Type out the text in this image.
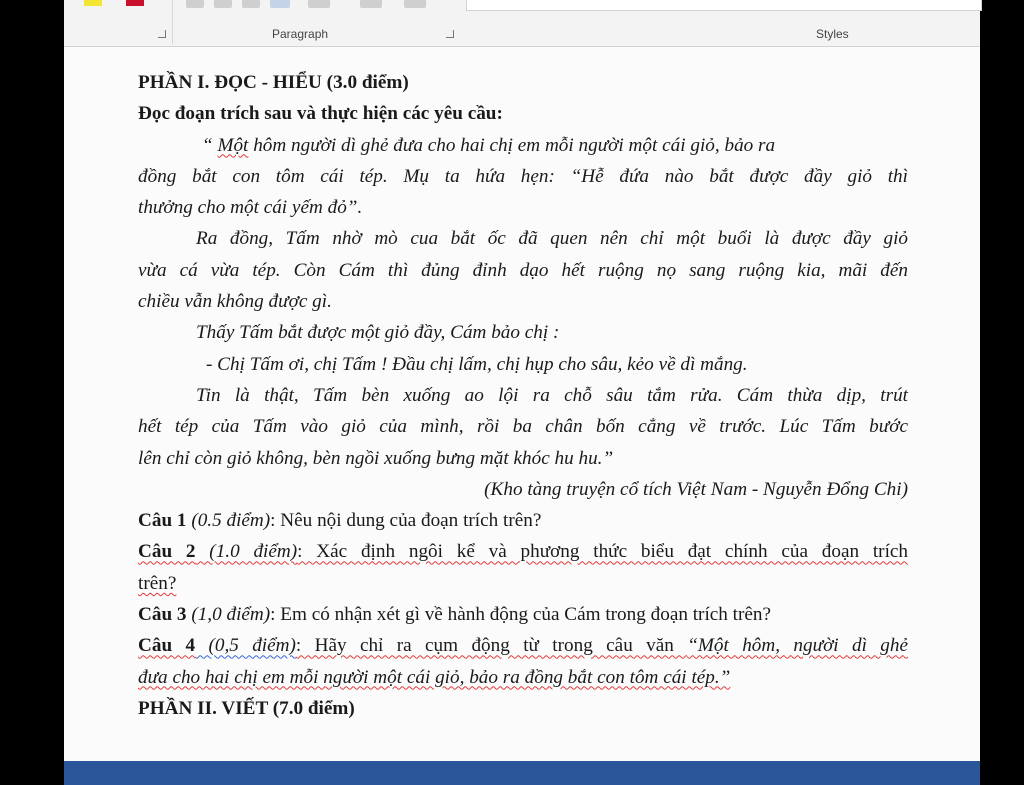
Paragraph	Styles
PHẦN I. ĐỌC - HIỂU (3.0 điểm)
Đọc đoạn trích sau và thực hiện các yêu cầu:
“ Một hôm người dì ghẻ đưa cho hai chị em mỗi người một cái giỏ, bảo ra
đồng bắt con tôm cái tép. Mụ ta hứa hẹn: “Hễ đứa nào bắt được đầy giỏ thì
thưởng cho một cái yếm đỏ”.
Ra đồng, Tấm nhờ mò cua bắt ốc đã quen nên chỉ một buổi là được đầy giỏ
vừa cá vừa tép. Còn Cám thì đủng đỉnh dạo hết ruộng nọ sang ruộng kia, mãi đến
chiều vẫn không được gì.
Thấy Tấm bắt được một giỏ đầy, Cám bảo chị :
- Chị Tấm ơi, chị Tấm ! Đầu chị lấm, chị hụp cho sâu, kẻo về dì mắng.
Tin là thật, Tấm bèn xuống ao lội ra chỗ sâu tắm rửa. Cám thừa dịp, trút
hết tép của Tấm vào giỏ của mình, rồi ba chân bốn cẳng về trước. Lúc Tấm bước
lên chỉ còn giỏ không, bèn ngồi xuống bưng mặt khóc hu hu.”
(Kho tàng truyện cổ tích Việt Nam - Nguyễn Đổng Chi)
Câu 1 (0.5 điểm): Nêu nội dung của đoạn trích trên?
Câu 2 (1.0 điểm): Xác định ngôi kể và phương thức biểu đạt chính của đoạn trích
trên?
Câu 3 (1,0 điểm): Em có nhận xét gì về hành động của Cám trong đoạn trích trên?
Câu 4 (0,5 điểm): Hãy chỉ ra cụm động từ trong câu văn “Một hôm, người dì ghẻ
đưa cho hai chị em mỗi người một cái giỏ, bảo ra đồng bắt con tôm cái tép.”
PHẦN II. VIẾT (7.0 điểm)
